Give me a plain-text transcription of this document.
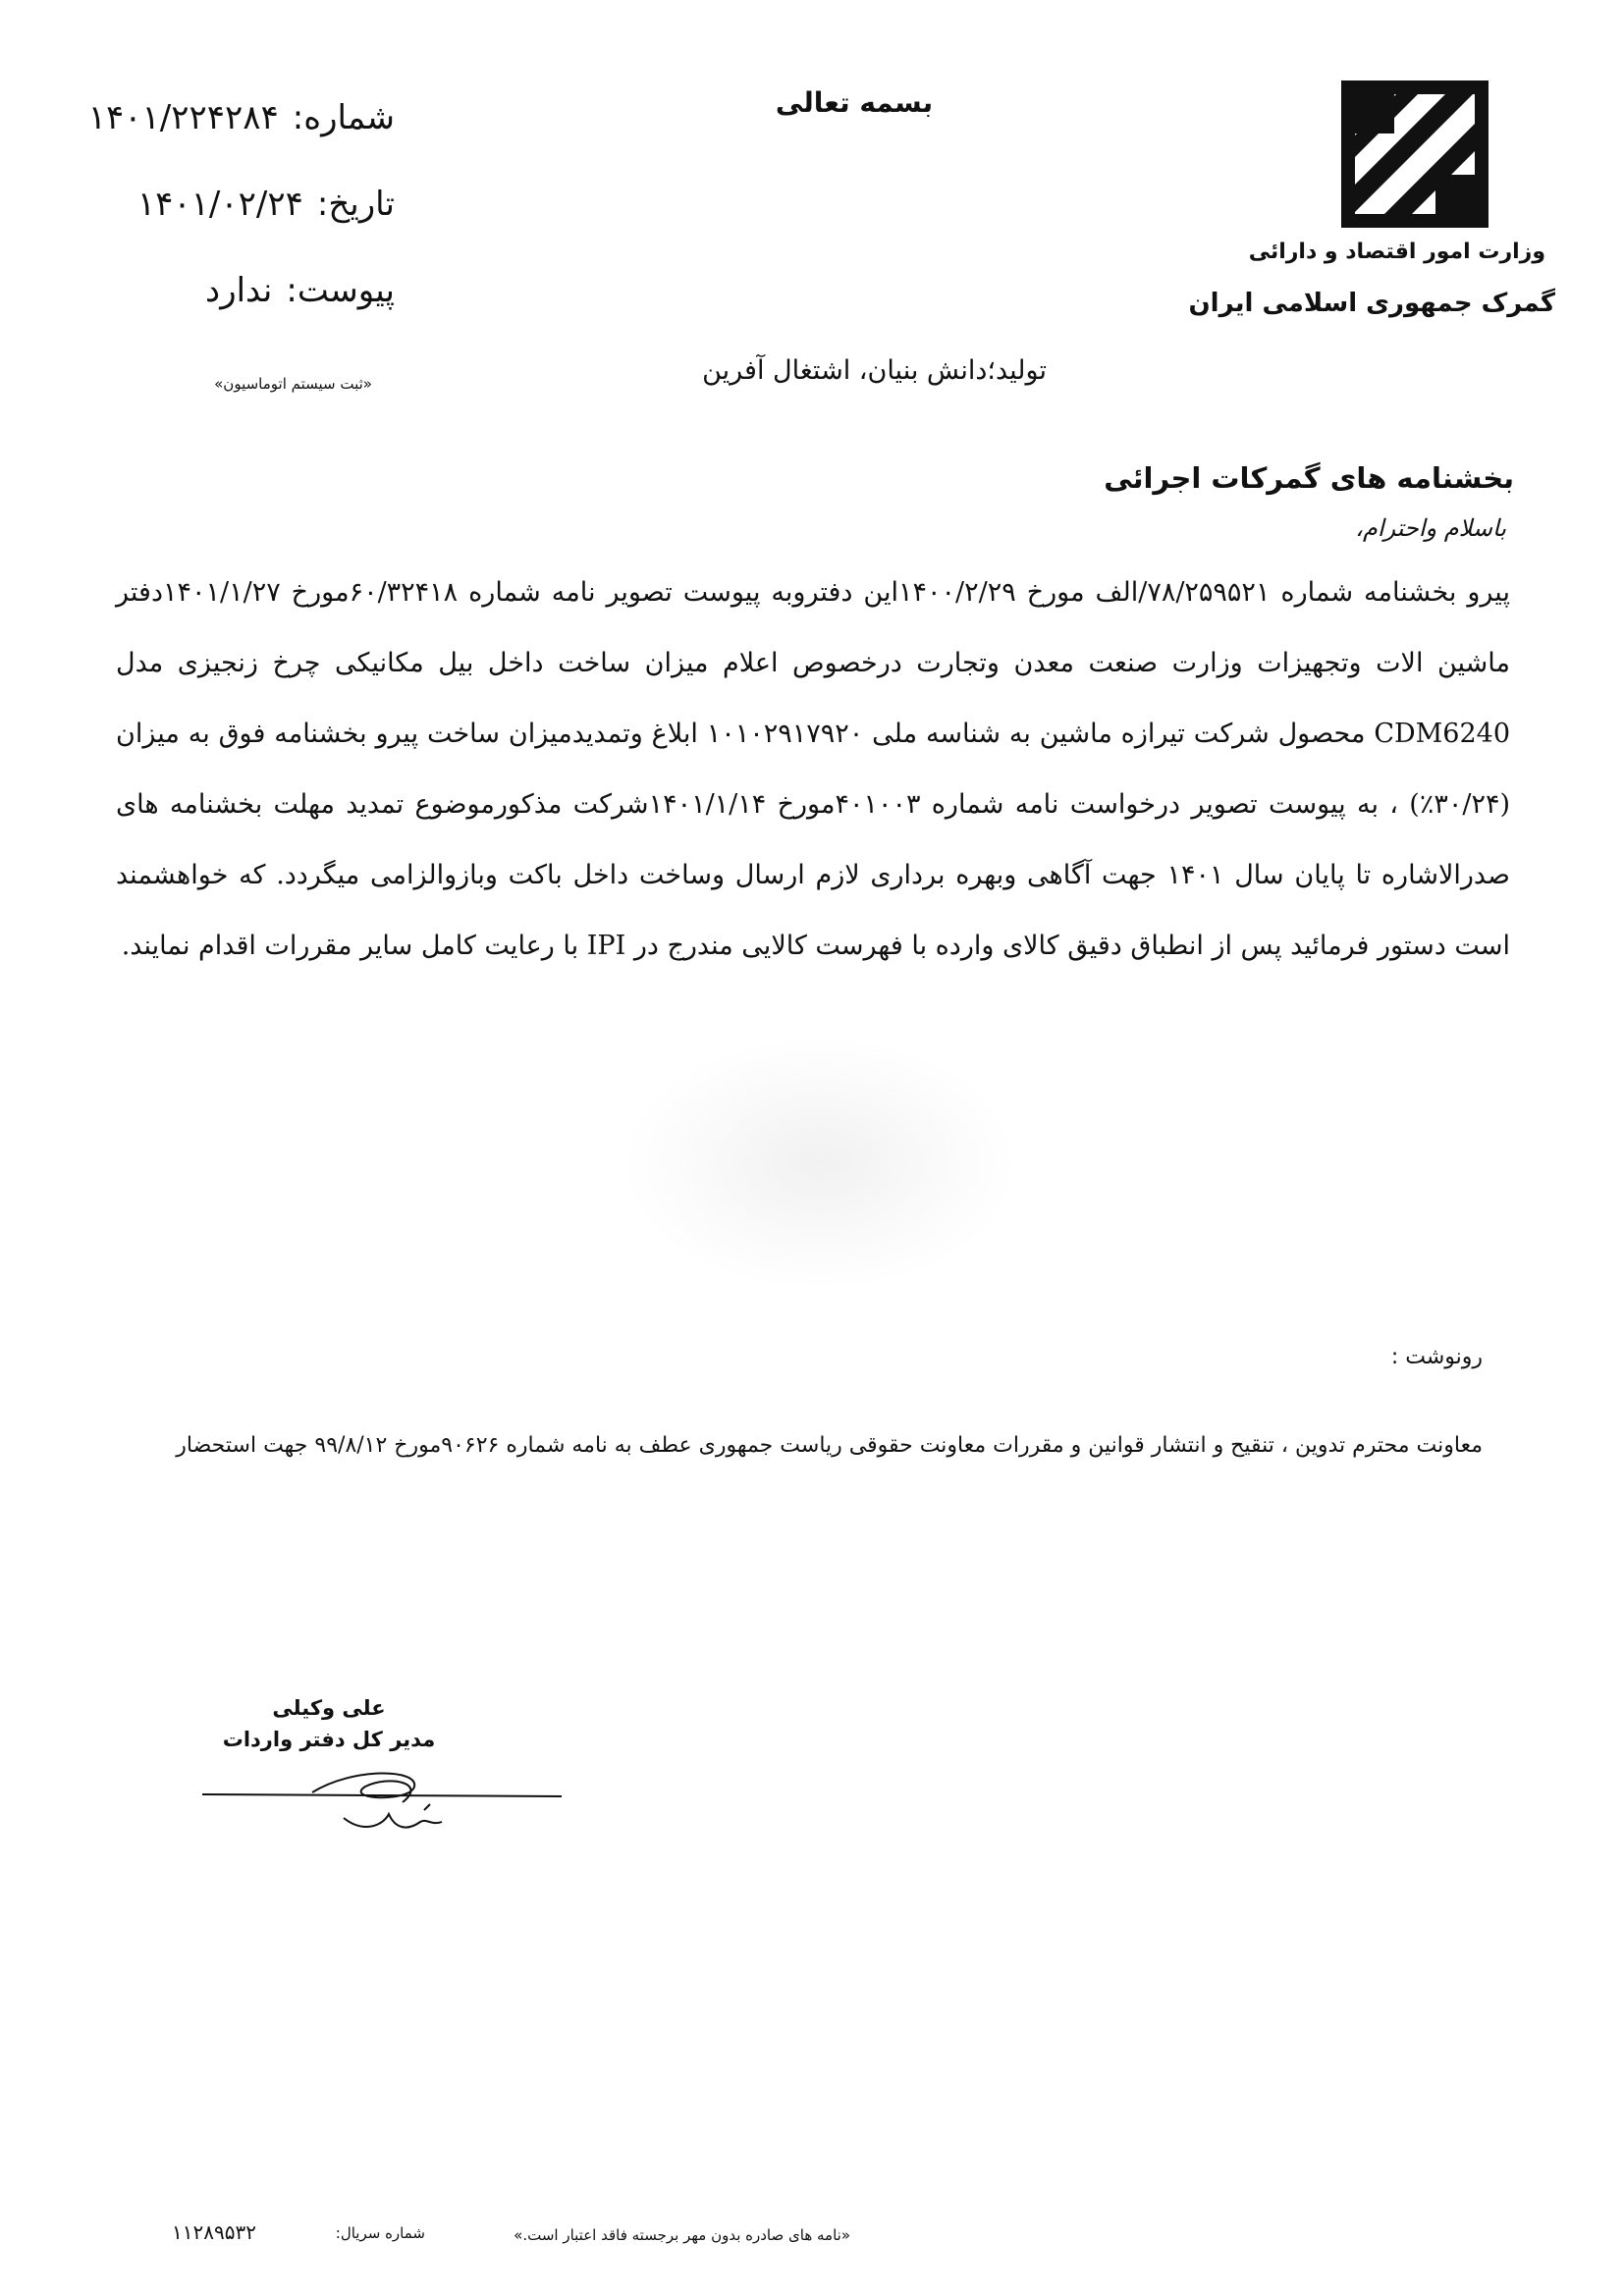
بسمه تعالی
شماره:۱۴۰۱/۲۲۴۲۸۴
تاریخ:۱۴۰۱/۰۲/۲۴
پیوست:ندارد
«ثبت سیستم اتوماسیون»	تولید؛دانش بنیان، اشتغال آفرین
وزارت امور اقتصاد و دارائی
گمرک جمهوری اسلامی ایران
بخشنامه های گمرکات اجرائی
باسلام واحترام،
پیرو بخشنامه شماره ۷۸/۲۵۹۵۲۱/الف مورخ ۱۴۰۰/۲/۲۹این دفتروبه پیوست تصویر نامه شماره ۶۰/۳۲۴۱۸مورخ ۱۴۰۱/۱/۲۷دفتر ماشین الات وتجهیزات وزارت صنعت معدن وتجارت درخصوص اعلام میزان ساخت داخل بیل مکانیکی چرخ زنجیزی مدل CDM6240 محصول شرکت تیرازه ماشین به شناسه ملی ۱۰۱۰۲۹۱۷۹۲۰ ابلاغ وتمدیدمیزان ساخت پیرو بخشنامه فوق به میزان (۳۰/۲۴٪) ، به پیوست تصویر درخواست نامه شماره ۴۰۱۰۰۳مورخ ۱۴۰۱/۱/۱۴شرکت مذکورموضوع تمدید مهلت بخشنامه های صدرالاشاره تا پایان سال ۱۴۰۱ جهت آگاهی وبهره برداری لازم ارسال وساخت داخل باکت وبازوالزامی میگردد. که خواهشمند است دستور فرمائید پس از انطباق دقیق کالای وارده با فهرست کالایی مندرج در IPI با رعایت کامل سایر مقررات اقدام نمایند.
رونوشت :
معاونت محترم تدوین ، تنقیح و انتشار قوانین و مقررات معاونت حقوقی ریاست جمهوری عطف به نامه شماره ۹۰۶۲۶مورخ ۹۹/۸/۱۲ جهت استحضار
علی وکیلی
مدیر کل دفتر واردات
«نامه های صادره بدون مهر برجسته فاقد اعتبار است.»
شماره سریال:
۱۱۲۸۹۵۳۲
